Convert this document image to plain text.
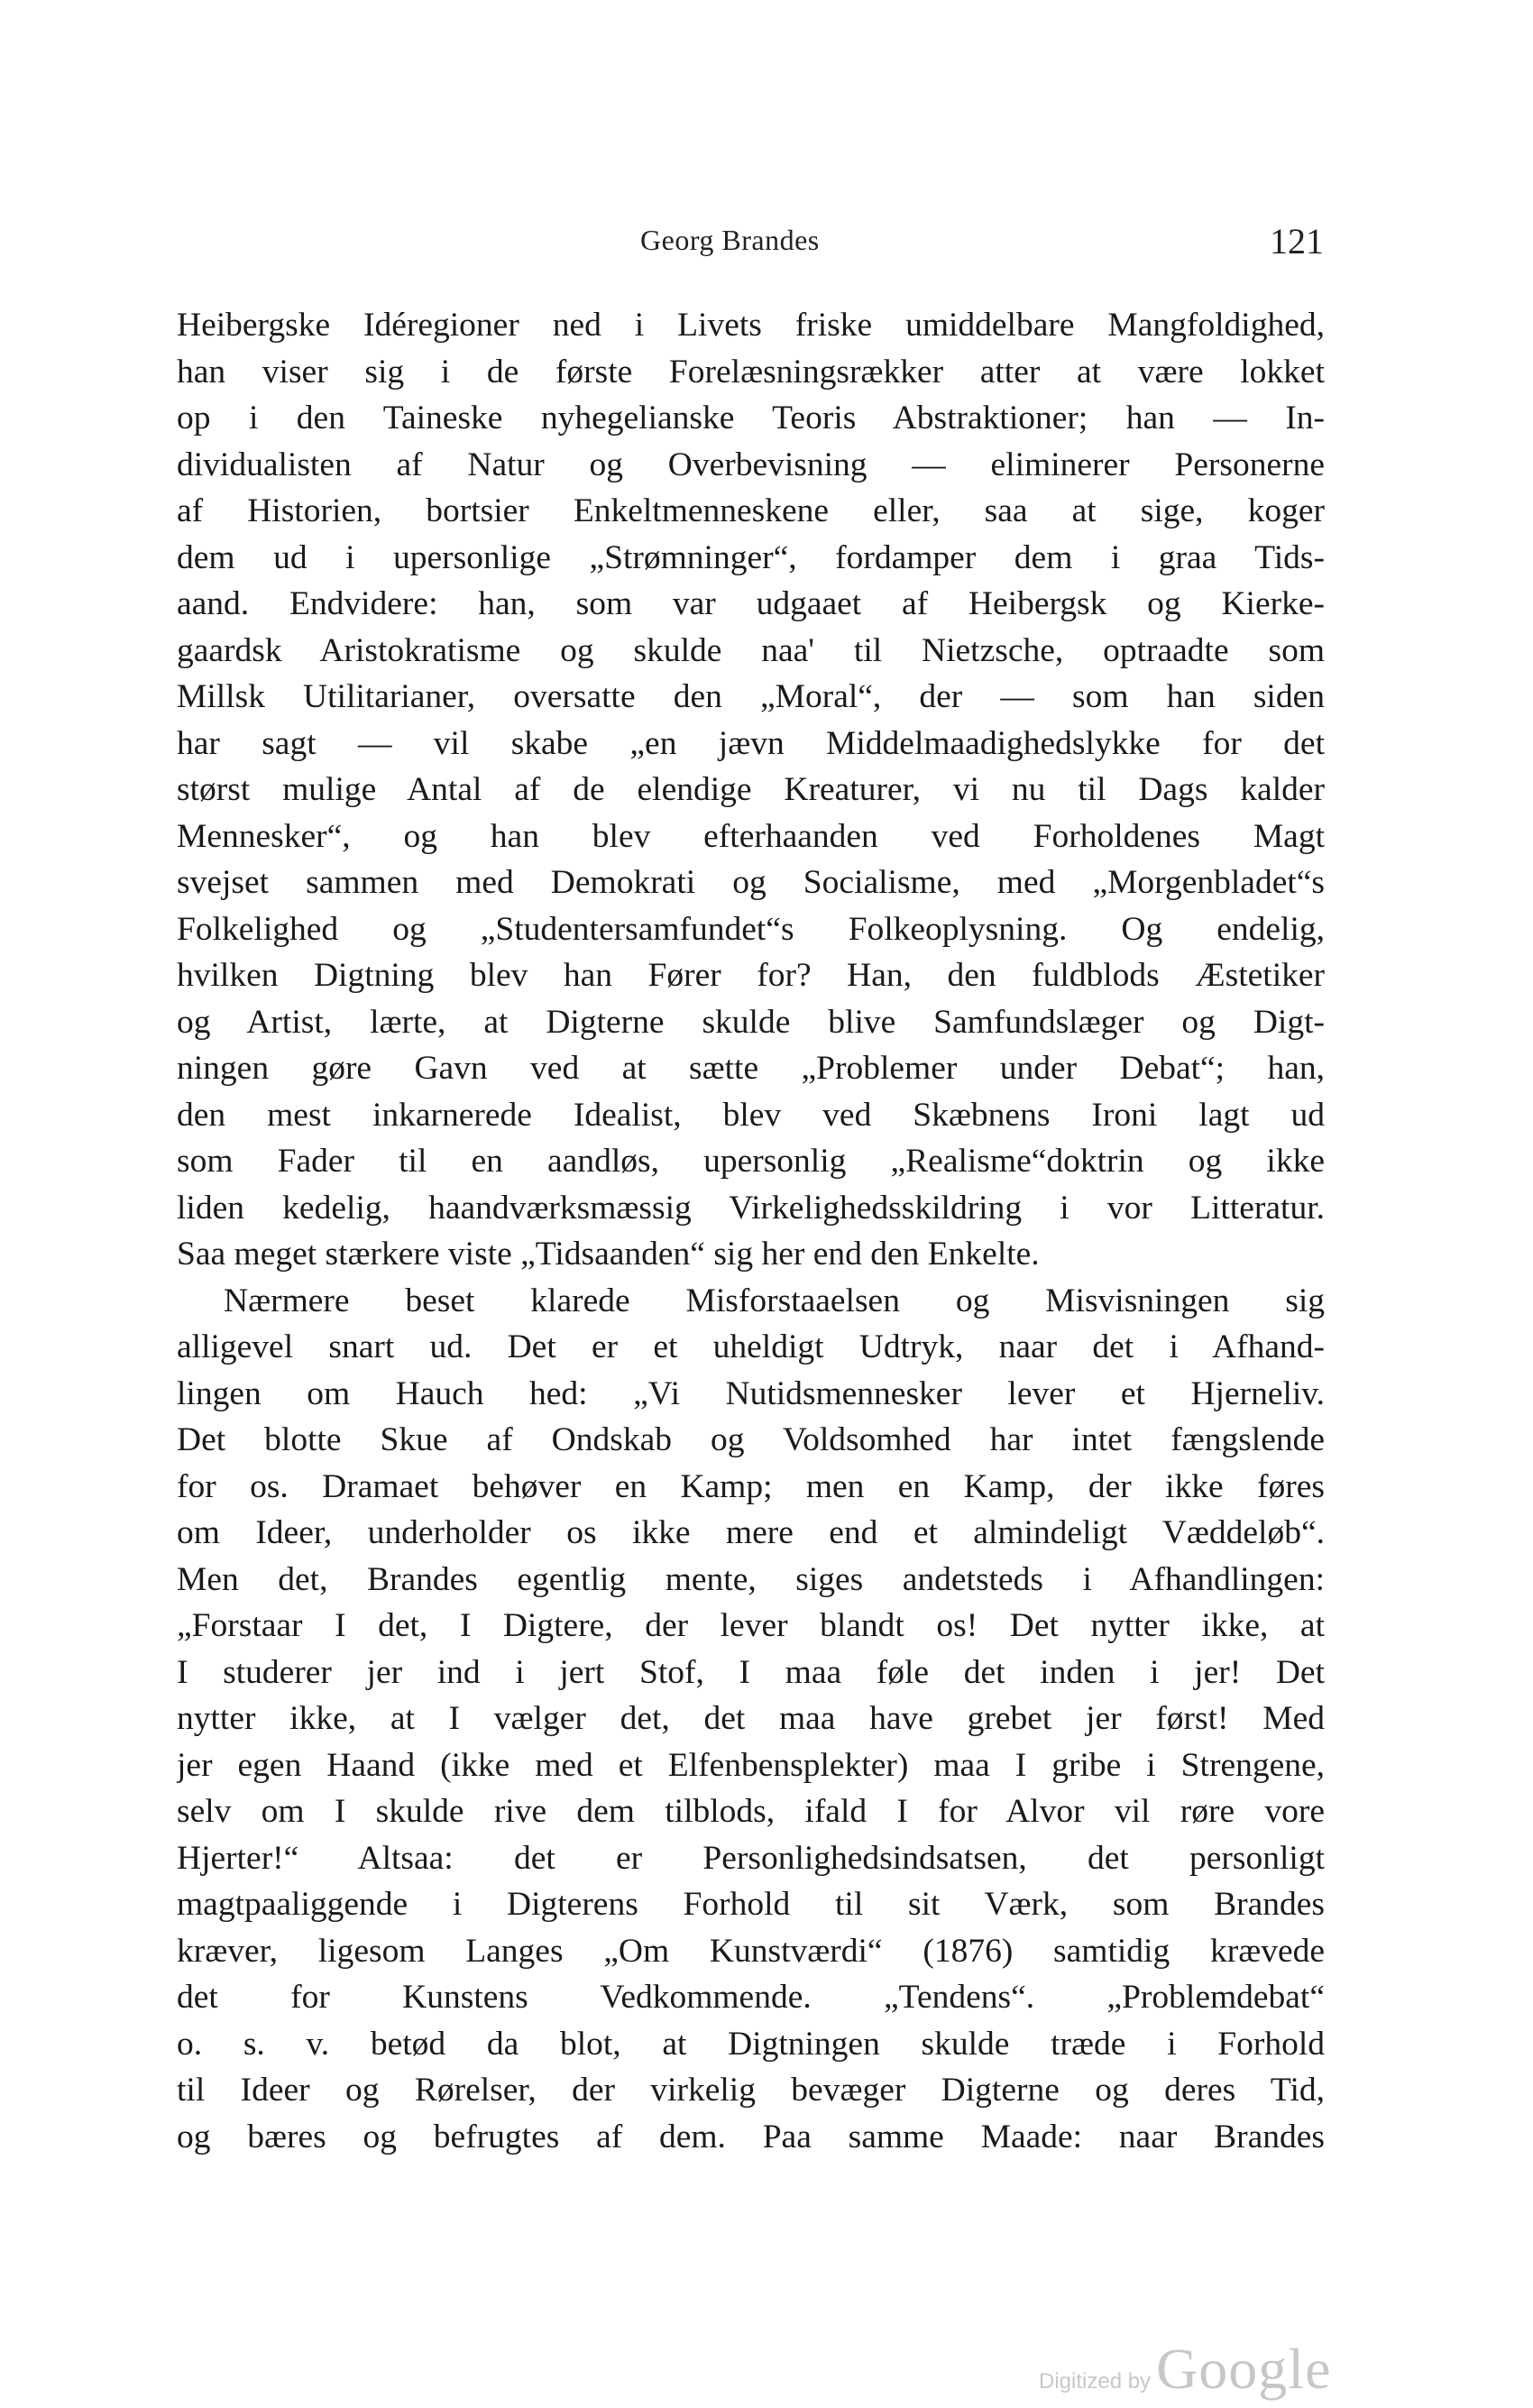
Georg Brandes	121
Heibergske Idéregioner ned i Livets friske umiddelbare Mangfoldighed,
han viser sig i de første Forelæsningsrækker atter at være lokket
op i den Taineske nyhegelianske Teoris Abstraktioner; han — In-
dividualisten af Natur og Overbevisning — eliminerer Personerne
af Historien, bortsier Enkeltmenneskene eller, saa at sige, koger
dem ud i upersonlige „Strømninger“, fordamper dem i graa Tids-
aand. Endvidere: han, som var udgaaet af Heibergsk og Kierke-
gaardsk Aristokratisme og skulde naa' til Nietzsche, optraadte som
Millsk Utilitarianer, oversatte den „Moral“, der — som han siden
har sagt — vil skabe „en jævn Middelmaadighedslykke for det
størst mulige Antal af de elendige Kreaturer, vi nu til Dags kalder
Mennesker“, og han blev efterhaanden ved Forholdenes Magt
svejset sammen med Demokrati og Socialisme, med „Morgenbladet“s
Folkelighed og „Studentersamfundet“s Folkeoplysning. Og endelig,
hvilken Digtning blev han Fører for? Han, den fuldblods Æstetiker
og Artist, lærte, at Digterne skulde blive Samfundslæger og Digt-
ningen gøre Gavn ved at sætte „Problemer under Debat“; han,
den mest inkarnerede Idealist, blev ved Skæbnens Ironi lagt ud
som Fader til en aandløs, upersonlig „Realisme“doktrin og ikke
liden kedelig, haandværksmæssig Virkelighedsskildring i vor Litteratur.
Saa meget stærkere viste „Tidsaanden“ sig her end den Enkelte.
Nærmere beset klarede Misforstaaelsen og Misvisningen sig
alligevel snart ud. Det er et uheldigt Udtryk, naar det i Afhand-
lingen om Hauch hed: „Vi Nutidsmennesker lever et Hjerneliv.
Det blotte Skue af Ondskab og Voldsomhed har intet fængslende
for os. Dramaet behøver en Kamp; men en Kamp, der ikke føres
om Ideer, underholder os ikke mere end et almindeligt Væddeløb“.
Men det, Brandes egentlig mente, siges andetsteds i Afhandlingen:
„Forstaar I det, I Digtere, der lever blandt os! Det nytter ikke, at
I studerer jer ind i jert Stof, I maa føle det inden i jer! Det
nytter ikke, at I vælger det, det maa have grebet jer først! Med
jer egen Haand (ikke med et Elfenbensplekter) maa I gribe i Strengene,
selv om I skulde rive dem tilblods, ifald I for Alvor vil røre vore
Hjerter!“ Altsaa: det er Personlighedsindsatsen, det personligt
magtpaaliggende i Digterens Forhold til sit Værk, som Brandes
kræver, ligesom Langes „Om Kunstværdi“ (1876) samtidig krævede
det for Kunstens Vedkommende. „Tendens“. „Problemdebat“
o. s. v. betød da blot, at Digtningen skulde træde i Forhold
til Ideer og Rørelser, der virkelig bevæger Digterne og deres Tid,
og bæres og befrugtes af dem. Paa samme Maade: naar Brandes
Digitized byGoogle
